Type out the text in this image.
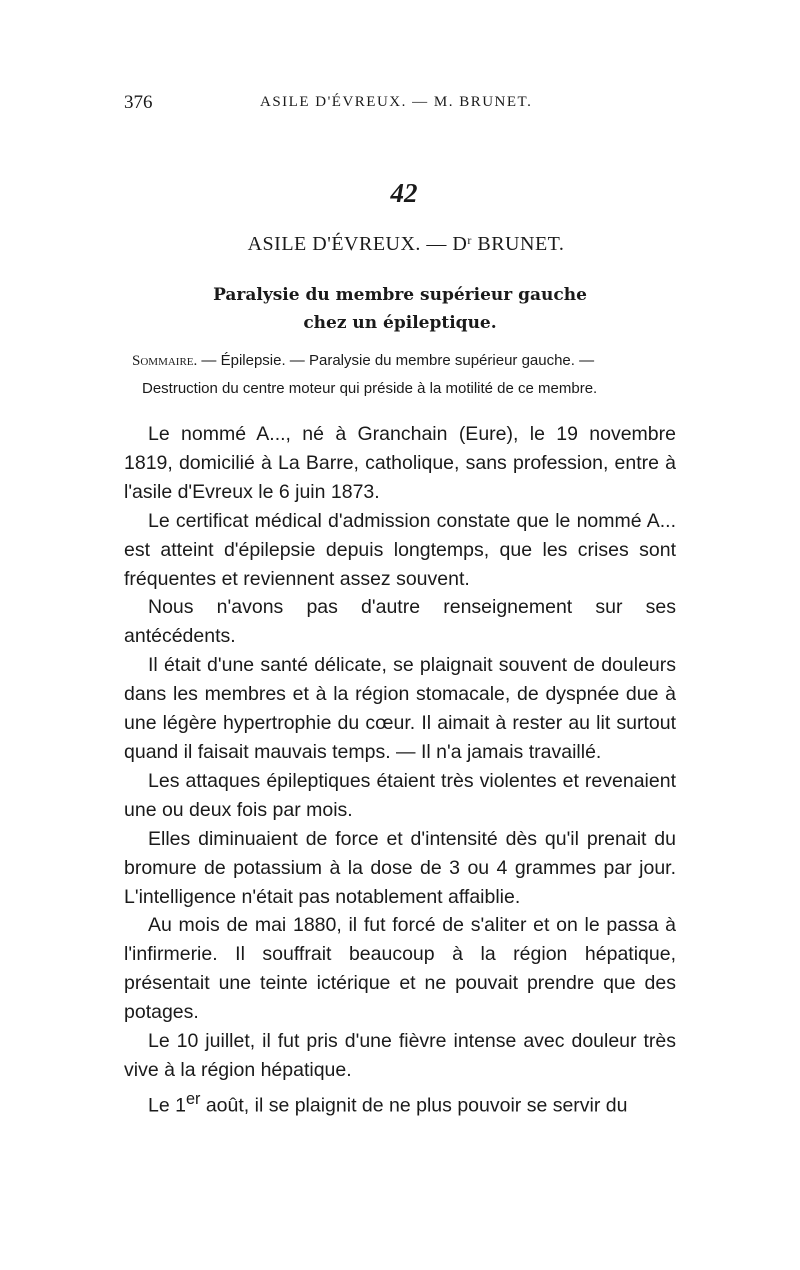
376	ASILE D'ÉVREUX. — M. BRUNET.
42
ASILE D'ÉVREUX. — $D^r$ BRUNET.
Paralysie du membre supérieur gauche
chez un épileptique.
Sommaire. — Épilepsie. — Paralysie du membre supérieur gauche. —
Destruction du centre moteur qui préside à la motilité de ce membre.

Le nommé A..., né à Granchain (Eure), le 19 novembre 1819, domicilié à La Barre, catholique, sans profession, entre à l'asile d'Evreux le 6 juin 1873.

Le certificat médical d'admission constate que le nommé A... est atteint d'épilepsie depuis longtemps, que les crises sont fréquentes et reviennent assez souvent.

Nous n'avons pas d'autre renseignement sur ses antécédents.

Il était d'une santé délicate, se plaignait souvent de douleurs dans les membres et à la région stomacale, de dyspnée due à une légère hypertrophie du cœur. Il aimait à rester au lit surtout quand il faisait mauvais temps. — Il n'a jamais travaillé.

Les attaques épileptiques étaient très violentes et revenaient une ou deux fois par mois.

Elles diminuaient de force et d'intensité dès qu'il prenait du bromure de potassium à la dose de 3 ou 4 grammes par jour. L'intelligence n'était pas notablement affaiblie.

Au mois de mai 1880, il fut forcé de s'aliter et on le passa à l'infirmerie. Il souffrait beaucoup à la région hépatique, présentait une teinte ictérique et ne pouvait prendre que des potages.

Le 10 juillet, il fut pris d'une fièvre intense avec douleur très vive à la région hépatique.

Le 1er août, il se plaignit de ne plus pouvoir se servir du
